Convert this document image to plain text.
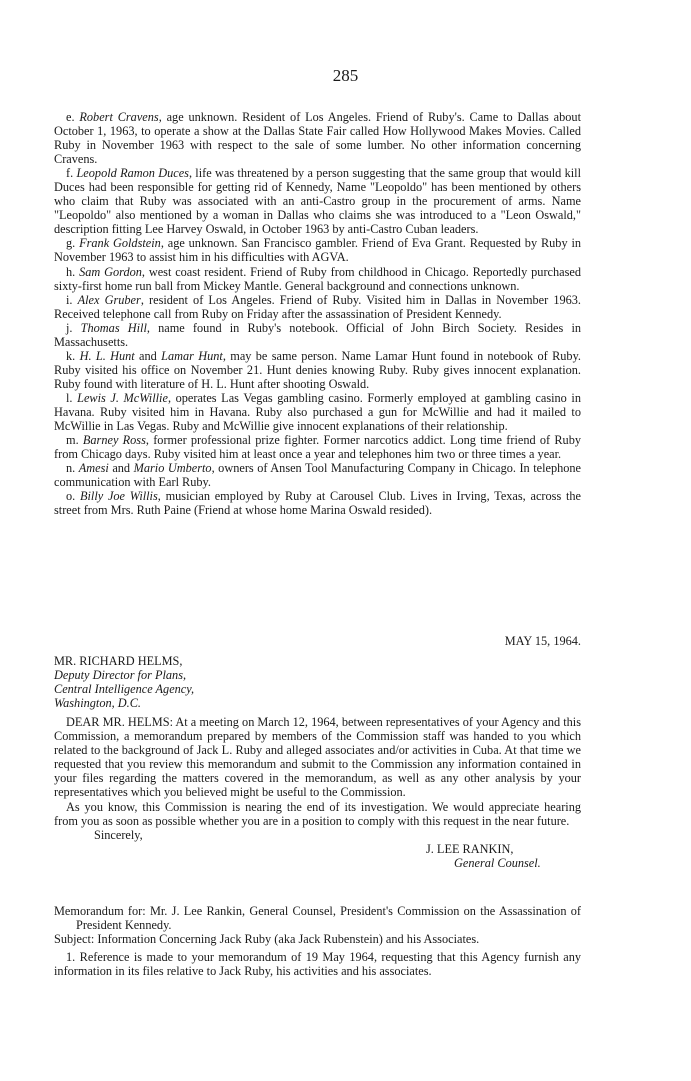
285

e. Robert Cravens, age unknown. Resident of Los Angeles. Friend of Ruby's. Came to Dallas about October 1, 1963, to operate a show at the Dallas State Fair called How Hollywood Makes Movies. Called Ruby in November 1963 with respect to the sale of some lumber. No other information concerning Cravens.

f. Leopold Ramon Duces, life was threatened by a person suggesting that the same group that would kill Duces had been responsible for getting rid of Kennedy, Name "Leopoldo" has been mentioned by others who claim that Ruby was associated with an anti-Castro group in the procurement of arms. Name "Leopoldo" also mentioned by a woman in Dallas who claims she was introduced to a "Leon Oswald," description fitting Lee Harvey Oswald, in October 1963 by anti-Castro Cuban leaders.

g. Frank Goldstein, age unknown. San Francisco gambler. Friend of Eva Grant. Requested by Ruby in November 1963 to assist him in his difficulties with AGVA.

h. Sam Gordon, west coast resident. Friend of Ruby from childhood in Chicago. Reportedly purchased sixty-first home run ball from Mickey Mantle. General background and connections unknown.

i. Alex Gruber, resident of Los Angeles. Friend of Ruby. Visited him in Dallas in November 1963. Received telephone call from Ruby on Friday after the assassination of President Kennedy.

j. Thomas Hill, name found in Ruby's notebook. Official of John Birch Society. Resides in Massachusetts.

k. H. L. Hunt and Lamar Hunt, may be same person. Name Lamar Hunt found in notebook of Ruby. Ruby visited his office on November 21. Hunt denies knowing Ruby. Ruby gives innocent explanation. Ruby found with literature of H. L. Hunt after shooting Oswald.

l. Lewis J. McWillie, operates Las Vegas gambling casino. Formerly employed at gambling casino in Havana. Ruby visited him in Havana. Ruby also purchased a gun for McWillie and had it mailed to McWillie in Las Vegas. Ruby and McWillie give innocent explanations of their relationship.

m. Barney Ross, former professional prize fighter. Former narcotics addict. Long time friend of Ruby from Chicago days. Ruby visited him at least once a year and telephones him two or three times a year.

n. Amesi and Mario Umberto, owners of Ansen Tool Manufacturing Company in Chicago. In telephone communication with Earl Ruby.

o. Billy Joe Willis, musician employed by Ruby at Carousel Club. Lives in Irving, Texas, across the street from Mrs. Ruth Paine (Friend at whose home Marina Oswald resided).

MAY 15, 1964.

MR. RICHARD HELMS,

Deputy Director for Plans,

Central Intelligence Agency,

Washington, D.C.

DEAR MR. HELMS: At a meeting on March 12, 1964, between representatives of your Agency and this Commission, a memorandum prepared by members of the Commission staff was handed to you which related to the background of Jack L. Ruby and alleged associates and/or activities in Cuba. At that time we requested that you review this memorandum and submit to the Commission any information contained in your files regarding the matters covered in the memorandum, as well as any other analysis by your representatives which you believed might be useful to the Commission.

As you know, this Commission is nearing the end of its investigation. We would appreciate hearing from you as soon as possible whether you are in a position to comply with this request in the near future.

Sincerely,

J. LEE RANKIN,

General Counsel.

Memorandum for: Mr. J. Lee Rankin, General Counsel, President's Commission on the Assassination of President Kennedy.

Subject: Information Concerning Jack Ruby (aka Jack Rubenstein) and his Associates.

1. Reference is made to your memorandum of 19 May 1964, requesting that this Agency furnish any information in its files relative to Jack Ruby, his activities and his associates.
